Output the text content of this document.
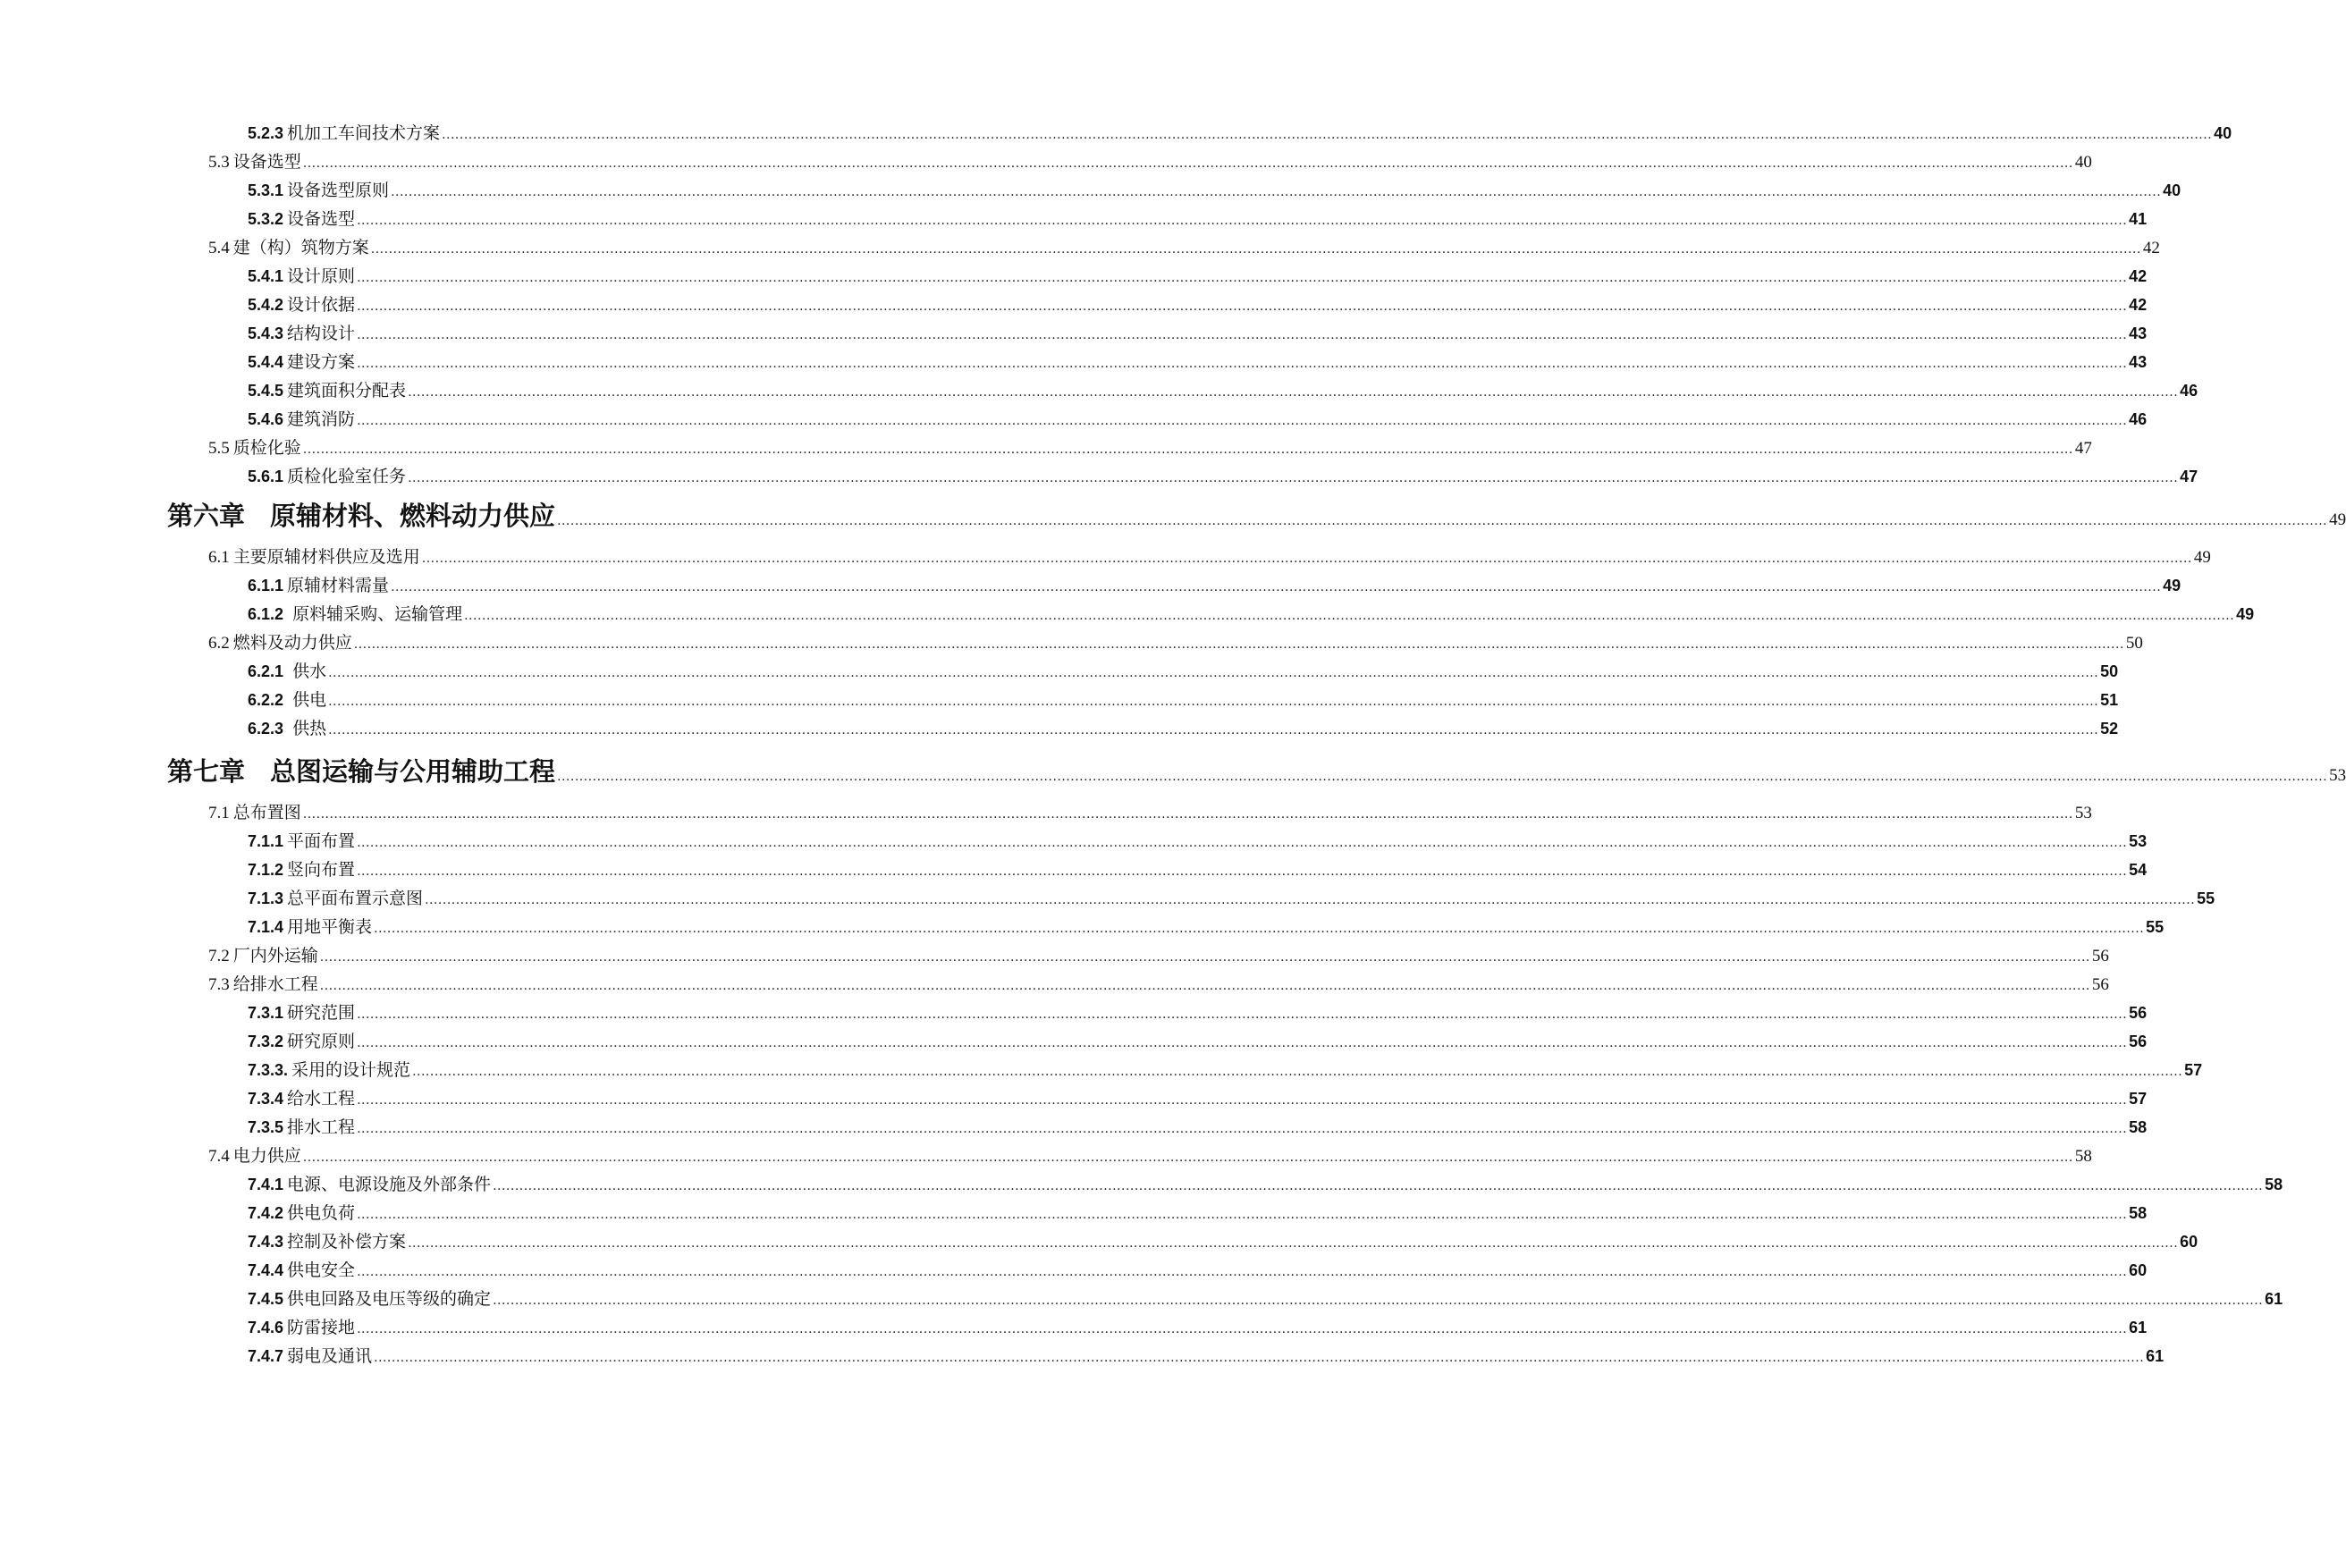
5.2.3 机加工车间技术方案 ................................................................................................................................................................................................................................................................................................................................................................................................................ 40
5.3 设备选型 ................................................................................................................................................................................................................................................................................................................................................................................................................ 40
5.3.1 设备选型原则 ................................................................................................................................................................................................................................................................................................................................................................................................................ 40
5.3.2 设备选型 ................................................................................................................................................................................................................................................................................................................................................................................................................ 41
5.4 建（构）筑物方案 ................................................................................................................................................................................................................................................................................................................................................................................................................ 42
5.4.1 设计原则 ................................................................................................................................................................................................................................................................................................................................................................................................................ 42
5.4.2 设计依据 ................................................................................................................................................................................................................................................................................................................................................................................................................ 42
5.4.3 结构设计 ................................................................................................................................................................................................................................................................................................................................................................................................................ 43
5.4.4 建设方案 ................................................................................................................................................................................................................................................................................................................................................................................................................ 43
5.4.5 建筑面积分配表 ................................................................................................................................................................................................................................................................................................................................................................................................................ 46
5.4.6 建筑消防 ................................................................................................................................................................................................................................................................................................................................................................................................................ 46
5.5 质检化验 ................................................................................................................................................................................................................................................................................................................................................................................................................ 47
5.6.1 质检化验室任务 ................................................................................................................................................................................................................................................................................................................................................................................................................ 47
第六章 原辅材料、燃料动力供应 ................................................................................................................................................................................................................................................................................................................................................................................................................ 49
6.1 主要原辅材料供应及选用 ................................................................................................................................................................................................................................................................................................................................................................................................................ 49
6.1.1 原辅材料需量 ................................................................................................................................................................................................................................................................................................................................................................................................................ 49
6.1.2 原料辅采购、运输管理 ................................................................................................................................................................................................................................................................................................................................................................................................................ 49
6.2 燃料及动力供应 ................................................................................................................................................................................................................................................................................................................................................................................................................ 50
6.2.1 供水 ................................................................................................................................................................................................................................................................................................................................................................................................................ 50
6.2.2 供电 ................................................................................................................................................................................................................................................................................................................................................................................................................ 51
6.2.3 供热 ................................................................................................................................................................................................................................................................................................................................................................................................................ 52
第七章 总图运输与公用辅助工程 ................................................................................................................................................................................................................................................................................................................................................................................................................ 53
7.1 总布置图 ................................................................................................................................................................................................................................................................................................................................................................................................................ 53
7.1.1 平面布置 ................................................................................................................................................................................................................................................................................................................................................................................................................ 53
7.1.2 竖向布置 ................................................................................................................................................................................................................................................................................................................................................................................................................ 54
7.1.3 总平面布置示意图 ................................................................................................................................................................................................................................................................................................................................................................................................................ 55
7.1.4 用地平衡表 ................................................................................................................................................................................................................................................................................................................................................................................................................ 55
7.2 厂内外运输 ................................................................................................................................................................................................................................................................................................................................................................................................................ 56
7.3 给排水工程 ................................................................................................................................................................................................................................................................................................................................................................................................................ 56
7.3.1 研究范围 ................................................................................................................................................................................................................................................................................................................................................................................................................ 56
7.3.2 研究原则 ................................................................................................................................................................................................................................................................................................................................................................................................................ 56
7.3.3. 采用的设计规范 ................................................................................................................................................................................................................................................................................................................................................................................................................ 57
7.3.4 给水工程 ................................................................................................................................................................................................................................................................................................................................................................................................................ 57
7.3.5 排水工程 ................................................................................................................................................................................................................................................................................................................................................................................................................ 58
7.4 电力供应 ................................................................................................................................................................................................................................................................................................................................................................................................................ 58
7.4.1 电源、电源设施及外部条件 ................................................................................................................................................................................................................................................................................................................................................................................................................ 58
7.4.2 供电负荷 ................................................................................................................................................................................................................................................................................................................................................................................................................ 58
7.4.3 控制及补偿方案 ................................................................................................................................................................................................................................................................................................................................................................................................................ 60
7.4.4 供电安全 ................................................................................................................................................................................................................................................................................................................................................................................................................ 60
7.4.5 供电回路及电压等级的确定 ................................................................................................................................................................................................................................................................................................................................................................................................................ 61
7.4.6 防雷接地 ................................................................................................................................................................................................................................................................................................................................................................................................................ 61
7.4.7 弱电及通讯 ................................................................................................................................................................................................................................................................................................................................................................................................................ 61
